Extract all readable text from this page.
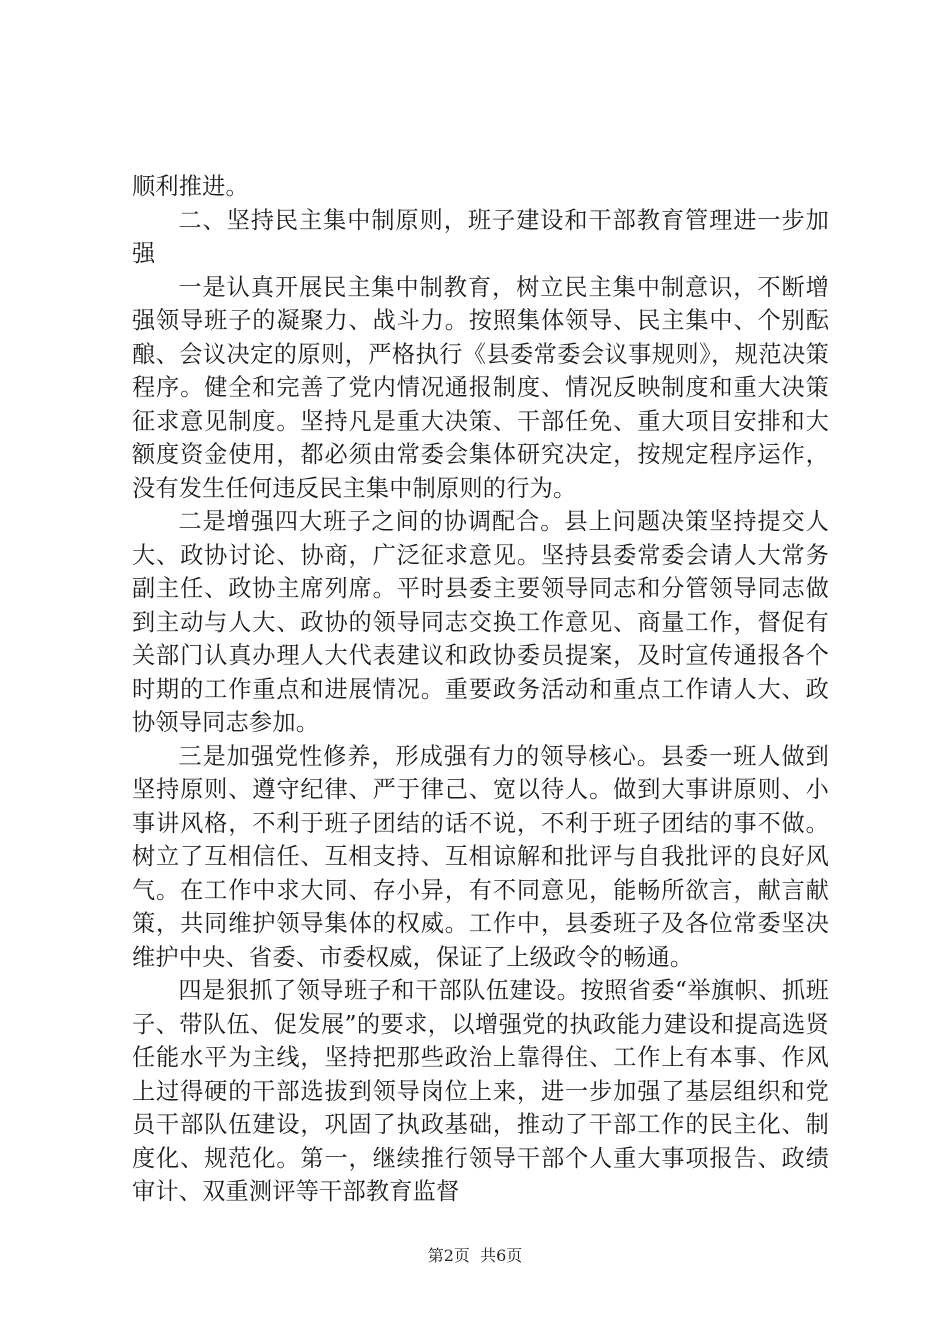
顺利推进。

二、坚持民主集中制原则，班子建设和干部教育管理进一步加强

一是认真开展民主集中制教育，树立民主集中制意识，不断增强领导班子的凝聚力、战斗力。按照集体领导、民主集中、个别酝酿、会议决定的原则，严格执行《县委常委会议事规则》，规范决策程序。健全和完善了党内情况通报制度、情况反映制度和重大决策征求意见制度。坚持凡是重大决策、干部任免、重大项目安排和大额度资金使用，都必须由常委会集体研究决定，按规定程序运作，没有发生任何违反民主集中制原则的行为。

二是增强四大班子之间的协调配合。县上问题决策坚持提交人大、政协讨论、协商，广泛征求意见。坚持县委常委会请人大常务副主任、政协主席列席。平时县委主要领导同志和分管领导同志做到主动与人大、政协的领导同志交换工作意见、商量工作，督促有关部门认真办理人大代表建议和政协委员提案，及时宣传通报各个时期的工作重点和进展情况。重要政务活动和重点工作请人大、政协领导同志参加。

三是加强党性修养，形成强有力的领导核心。县委一班人做到坚持原则、遵守纪律、严于律己、宽以待人。做到大事讲原则、小事讲风格，不利于班子团结的话不说，不利于班子团结的事不做。树立了互相信任、互相支持、互相谅解和批评与自我批评的良好风气。在工作中求大同、存小异，有不同意见，能畅所欲言，献言献策，共同维护领导集体的权威。工作中，县委班子及各位常委坚决维护中央、省委、市委权威，保证了上级政令的畅通。

四是狠抓了领导班子和干部队伍建设。按照省委“举旗帜、抓班子、带队伍、促发展”的要求，以增强党的执政能力建设和提高选贤任能水平为主线，坚持把那些政治上靠得住、工作上有本事、作风上过得硬的干部选拔到领导岗位上来，进一步加强了基层组织和党员干部队伍建设，巩固了执政基础，推动了干部工作的民主化、制度化、规范化。第一，继续推行领导干部个人重大事项报告、政绩审计、双重测评等干部教育监督

第2页  共6页
